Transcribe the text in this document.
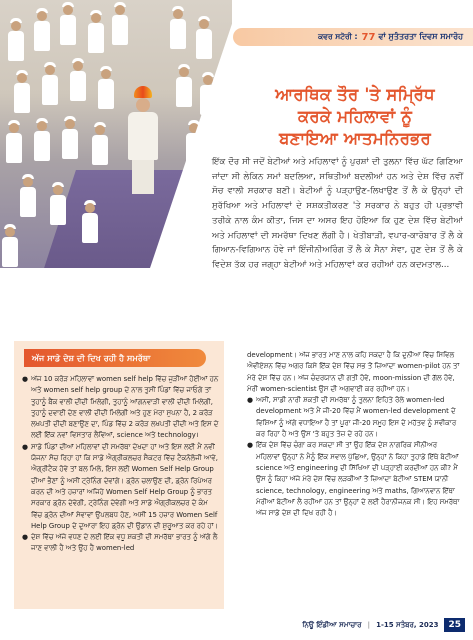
ਕਵਰ ਸਟੋਰੀ : 77 ਵਾਂ ਸੁਤੰਤਰਤਾ ਦਿਵਸ ਸਮਾਰੋਹ
ਆਰਥਿਕ ਤੌਰ 'ਤੇ ਸਮ੍ਰਿੱਧ
ਕਰਕੇ ਮਹਿਲਾਵਾਂ ਨੂੰ
ਬਣਾਇਆ ਆਤਮਨਿਰਭਰ

ਇੱਕ ਦੌਰ ਸੀ ਜਦੋਂ ਬੇਟੀਆਂ ਅਤੇ ਮਹਿਲਾਵਾਂ ਨੂੰ ਪੁਰਸ਼ਾਂ ਦੀ ਤੁਲਨਾ ਵਿੱਚ ਘੱਟ ਗਿਣਿਆ ਜਾਂਦਾ ਸੀ ਲੇਕਿਨ ਸਮਾਂ ਬਦਲਿਆ, ਸਥਿਤੀਆਂ ਬਦਲੀਆਂ ਹਨ ਅਤੇ ਦੇਸ਼ ਵਿੱਚ ਨਵੀਂ ਸੋਚ ਵਾਲੀ ਸਰਕਾਰ ਬਣੀ। ਬੇਟੀਆਂ ਨੂੰ ਪੜ੍ਹਾਉਣ-ਲਿਖਾਉਣ ਤੋਂ ਲੈ ਕੇ ਉਨ੍ਹਾਂ ਦੀ ਸੁਰੱਖਿਆ ਅਤੇ ਮਹਿਲਾਵਾਂ ਦੇ ਸਸ਼ਕਤੀਕਰਣ 'ਤੇ ਸਰਕਾਰ ਨੇ ਬਹੁਤ ਹੀ ਪ੍ਰਭਾਵੀ ਤਰੀਕੇ ਨਾਲ ਕੰਮ ਕੀਤਾ, ਜਿਸ ਦਾ ਅਸਰ ਇਹ ਹੋਇਆ ਕਿ ਹੁਣ ਦੇਸ਼ ਵਿੱਚ ਬੇਟੀਆਂ ਅਤੇ ਮਹਿਲਾਵਾਂ ਦੀ ਸਮਰੱਥਾ ਦਿਖਣ ਲੱਗੀ ਹੈ। ਖੇਤੀਬਾੜੀ, ਵਪਾਰ-ਕਾਰੋਬਾਰ ਤੋਂ ਲੈ ਕੇ ਗਿਆਨ-ਵਿਗਿਆਨ ਹੋਵੇ ਜਾਂ ਇੰਜੀਨੀਅਰਿੰਗ ਤੋਂ ਲੈ ਕੇ ਸੈਨਾ ਸੇਵਾ, ਹੁਣ ਦੇਸ਼ ਤੋਂ ਲੈ ਕੇ ਵਿਦੇਸ਼ ਤੱਕ ਹਰ ਜਗ੍ਹਾ ਬੇਟੀਆਂ ਅਤੇ ਮਹਿਲਾਵਾਂ ਕਰ ਰਹੀਆਂ ਹਨ ਕਦਮਤਾਲ...

ਅੱਜ ਸਾਡੇ ਦੇਸ਼ ਦੀ ਦਿਖ ਰਹੀ ਹੈ ਸਮਰੱਥਾ
● ਅੱਜ 10 ਕਰੋੜ ਮਹਿਲਾਵਾਂ women self help ਵਿੱਚ ਜੁੜੀਆਂ ਹੋਈਆਂ ਹਨ ਅਤੇ women self help group ਦੇ ਨਾਲ ਤੁਸੀਂ ਪਿੰਡਾਂ ਵਿੱਚ ਜਾਓਗੇ ਤਾਂ ਤੁਹਾਨੂੰ ਬੈਂਕ ਵਾਲੀ ਦੀਦੀ ਮਿਲੇਗੀ, ਤੁਹਾਨੂੰ ਆਂਗਨਵਾੜੀ ਵਾਲੀ ਦੀਦੀ ਮਿਲੇਗੀ, ਤੁਹਾਨੂੰ ਦਵਾਈ ਦੇਣ ਵਾਲੀ ਦੀਦੀ ਮਿਲੇਗੀ ਅਤੇ ਹੁਣ ਮੇਰਾ ਸੁਪਨਾ ਹੈ, 2 ਕਰੋੜ ਲਖਪਤੀ ਦੀਦੀ ਬਣਾਉਣ ਦਾ, ਪਿੰਡ ਵਿੱਚ 2 ਕਰੋੜ ਲਖਪਤੀ ਦੀਦੀ ਅਤੇ ਇਸ ਦੇ ਲਈ ਇੱਕ ਨਵਾਂ ਵਿਸਤਾਰ ਲੈਵਿਆਂ, science ਅਤੇ technology।
● ਸਾਡੇ ਪਿੰਡਾਂ ਦੀਆਂ ਮਹਿਲਾਵਾਂ ਦੀ ਸਮਰੱਥਾ ਦੇਖਦਾ ਹਾਂ ਅਤੇ ਇਸ ਲਈ ਮੈਂ ਨਵੀਂ ਯੋਜਨਾ ਸੋਚ ਰਿਹਾ ਹਾਂ ਕਿ ਸਾਡੇ ਐਗ੍ਰੀਕਲਚਰ ਸੈਕਟਰ ਵਿੱਚ ਟੈਕਨੋਲੋਜੀ ਆਵੇ, ਐਗ੍ਰੀਟੈਕ ਹੋਵੇ ਤਾਂ ਬਲ ਮਿਲੇ, ਇਸ ਲਈ Women Self Help Group ਦੀਆਂ ਭੈਣਾਂ ਨੂੰ ਅਸੀਂ ਟ੍ਰੇਨਿੰਗ ਦੇਵਾਂਗੇ। ਡ੍ਰੋਨ ਚਲਾਉਣ ਦੀ, ਡ੍ਰੋਨ ਰਿਪੇਅਰ ਕਰਨ ਦੀ ਅਤੇ ਹਜ਼ਾਰਾਂ ਅਜਿਹੇ Women Self Help Group ਨੂੰ ਭਾਰਤ ਸਰਕਾਰ ਡ੍ਰੋਨ ਦੇਵੇਗੀ, ਟ੍ਰੇਨਿੰਗ ਦੇਵੇਗੀ ਅਤੇ ਸਾਡੇ ਐਗ੍ਰੀਕਲਚਰ ਦੇ ਕੰਮ ਵਿੱਚ ਡ੍ਰੋਨ ਦੀਆਂ ਸੇਵਾਵਾਂ ਉਪਲਬਧ ਹੋਣ, ਅਸੀਂ 15 ਹਜ਼ਾਰ Women Self Help Group ਦੇ ਦੁਆਰਾ ਇਹ ਡ੍ਰੋਨ ਦੀ ਉਡਾਨ ਦੀ ਸ਼ੁਰੂਆਤ ਕਰ ਰਹੇ ਹਾਂ।
● ਦੇਸ਼ ਵਿੱਚ ਅੱਜੇ ਵਧਣ ਦੇ ਲਈ ਇੱਕ ਵਧੂ ਸ਼ਕਤੀ ਦੀ ਸਮਰੱਥਾ ਭਾਰਤ ਨੂੰ ਅੱਗੇ ਲੈ ਜਾਣ ਵਾਲੀ ਹੈ ਅਤੇ ਉਹ ਹੈ women-led
development। ਅੱਜ ਭਾਰਤ ਮਾਣ ਨਾਲ ਕਹਿ ਸਕਦਾ ਹੈ ਕਿ ਦੁਨੀਆ ਵਿੱਚ ਸਿਵਿਲ ਐਵੀਏਸ਼ਨ ਵਿੱਚ ਅਗਰ ਕਿਸੇ ਇੱਕ ਦੇਸ਼ ਵਿੱਚ ਸਭ ਤੋਂ ਜ਼ਿਆਦਾ women-pilot ਹਨ ਤਾਂ ਮੇਰੇ ਦੇਸ਼ ਵਿੱਚ ਹਨ। ਅੱਜ ਚੰਦਰਯਾਨ ਦੀ ਗਤੀ ਹੋਵੇ, moon-mission ਦੀ ਗੱਲ ਹੋਵੇ, ਮੇਰੀ women-scientist ਉਸ ਦੀ ਅਗਵਾਈ ਕਰ ਰਹੀਆਂ ਹਨ।
● ਅਸੀਂ, ਸਾਡੀ ਨਾਰੀ ਸ਼ਕਤੀ ਦੀ ਸਮਰੱਥਾ ਨੂੰ ਤੁਲਨਾ ਇਹਿਤੇ ਰੋਲੇ women-led development ਅਤੇ ਮੈਂ ਜੀ-20 ਵਿੱਚ ਮੈਂ women-led development ਦੇ ਵਿਸ਼ਿਆਂ ਨੂੰ ਅੱਗੇ ਵਧਾਇਆ ਹੈ ਤਾਂ ਪੂਰਾ ਜੀ-20 ਸਮੂਹ ਇਸ ਦੇ ਮਹੱਤਵ ਨੂੰ ਸਵੀਕਾਰ ਕਰ ਰਿਹਾ ਹੈ ਅਤੇ ਉਸ 'ਤੇ ਬਹੁਤ ਤੇਜ਼ ਦੇ ਰਹੇ ਹਨ।
● ਇੱਕ ਦੇਸ਼ ਵਿੱਚ ਚੰਗਾ ਕਰ ਸਕਦਾ ਸੀ ਤਾਂ ਉਹ ਇੱਕ ਦੇਸ਼ ਨਾਗਰਿਕ ਸੀਨੀਅਰ ਮਹਿਲਾਵਾਂ ਉਨ੍ਹਾਂ ਨੇ ਮੈਨੂੰ ਇੱਕ ਸਵਾਲ ਪੁੱਛਿਆ, ਉਨ੍ਹਾਂ ਨੇ ਕਿਹਾ ਤੁਹਾਡੇ ਇੱਥੇ ਬੇਟੀਆਂ science ਅਤੇ engineering ਦੀ ਸਿੱਖਿਆ ਦੀ ਪੜ੍ਹਾਈ ਕਰਦੀਆਂ ਹਨ ਕੀ? ਮੈਂ ਉਸ ਨੂੰ ਕਿਹਾ ਅੱਜੇ ਮੇਰੇ ਦੇਸ਼ ਵਿੱਚ ਲੜਕੀਆਂ ਤੋਂ ਜ਼ਿਆਦਾ ਬੇਟੀਆਂ STEM ਯਾਨੀ science, technology, engineering ਅਤੇ maths, ਗਿਆਨਵਾਨ ਇੱਥਾ ਮੇਰੀਆਂ ਬੇਟੀਆਂ ਲੈ ਰਹੀਆਂ ਹਨ ਤਾਂ ਉਨ੍ਹਾਂ ਦੇ ਲਈ ਹੈਰਾਨੀਜਨਕ ਸੀ। ਇਹ ਸਮਰੱਥਾ ਅੱਜ ਸਾਡੇ ਦੇਸ਼ ਦੀ ਦਿਖ ਰਹੀ ਹੈ।
ਨਿਊ ਇੰਡੀਆ ਸਮਾਚਾਰ | 1-15 ਸਤੰਬਰ, 2023	25
